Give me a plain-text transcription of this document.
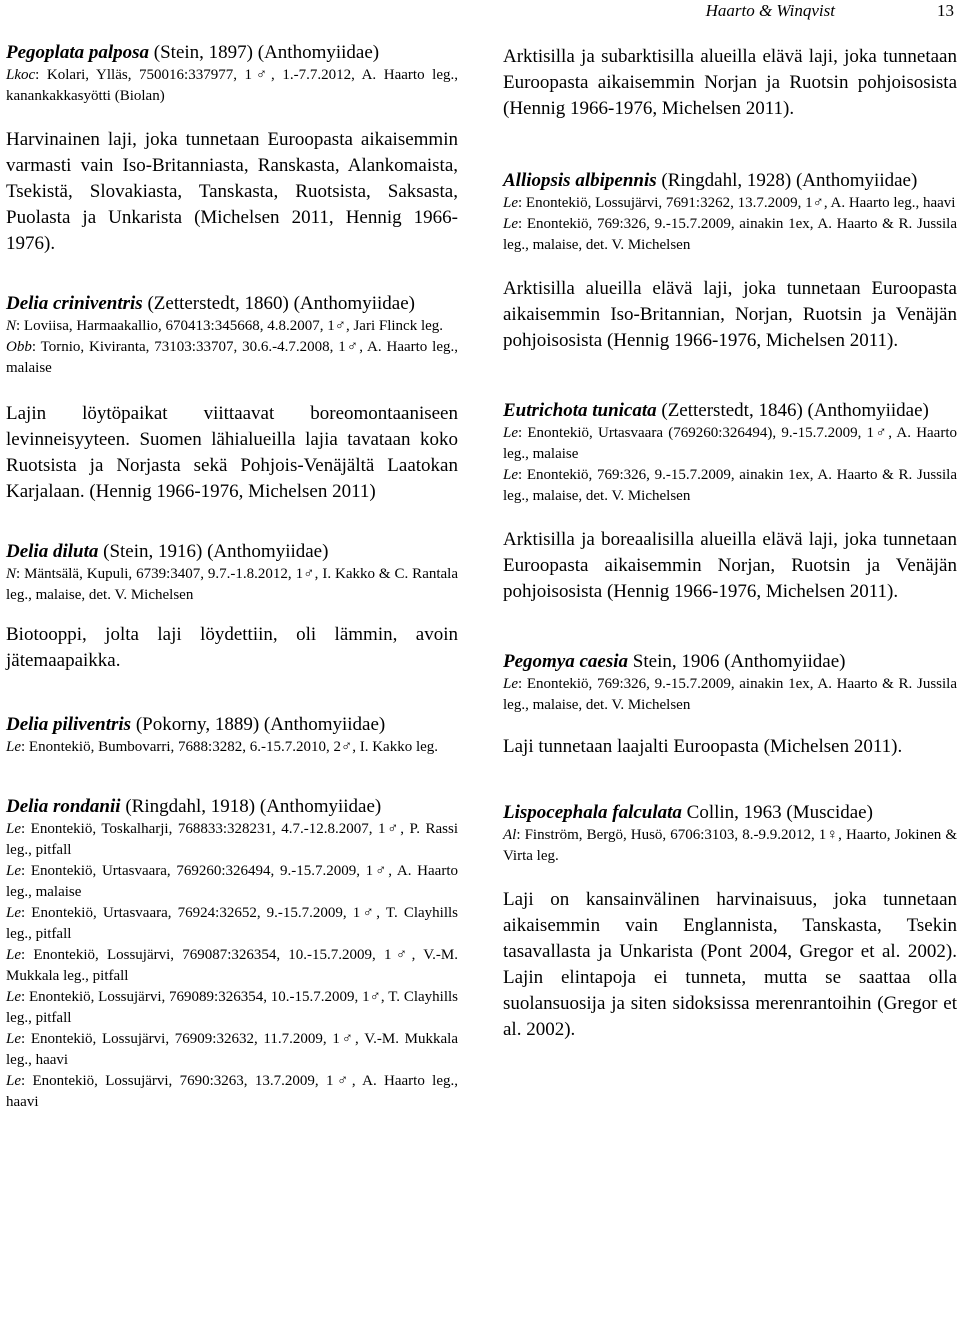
Haarto & Winqvist	13
Pegoplata palposa (Stein, 1897) (Anthomyiidae)
Lkoc: Kolari, Ylläs, 750016:337977, 1♂, 1.-7.7.2012, A. Haarto leg., kanankakkasyötti (Biolan)

Harvinainen laji, joka tunnetaan Euroopasta aikaisemmin varmasti vain Iso-Britanniasta, Ranskasta, Alankomaista, Tsekistä, Slovakiasta, Tanskasta, Ruotsista, Saksasta, Puolasta ja Unkarista (Michelsen 2011, Hennig 1966-1976).

Delia criniventris (Zetterstedt, 1860) (Anthomyiidae)
N: Loviisa, Harmaakallio, 670413:345668, 4.8.2007, 1♂, Jari Flinck leg.
Obb: Tornio, Kiviranta, 73103:33707, 30.6.-4.7.2008, 1♂, A. Haarto leg., malaise

Lajin löytöpaikat viittaavat boreomontaaniseen levinneisyyteen. Suomen lähialueilla lajia tavataan koko Ruotsista ja Norjasta sekä Pohjois-Venäjältä Laatokan Karjalaan. (Hennig 1966-1976, Michelsen 2011)

Delia diluta (Stein, 1916) (Anthomyiidae)
N: Mäntsälä, Kupuli, 6739:3407, 9.7.-1.8.2012, 1♂, I. Kakko & C. Rantala leg., malaise, det. V. Michelsen

Biotooppi, jolta laji löydettiin, oli lämmin, avoin jätemaapaikka.

Delia piliventris (Pokorny, 1889) (Anthomyiidae)
Le: Enontekiö, Bumbovarri, 7688:3282, 6.-15.7.2010, 2♂, I. Kakko leg.
Delia rondanii (Ringdahl, 1918) (Anthomyiidae)
Le: Enontekiö, Toskalharji, 768833:328231, 4.7.-12.8.2007, 1♂, P. Rassi leg., pitfall
Le: Enontekiö, Urtasvaara, 769260:326494, 9.-15.7.2009, 1♂, A. Haarto leg., malaise
Le: Enontekiö, Urtasvaara, 76924:32652, 9.-15.7.2009, 1♂, T. Clayhills leg., pitfall
Le: Enontekiö, Lossujärvi, 769087:326354, 10.-15.7.2009, 1♂, V.-M. Mukkala leg., pitfall
Le: Enontekiö, Lossujärvi, 769089:326354, 10.-15.7.2009, 1♂, T. Clayhills leg., pitfall
Le: Enontekiö, Lossujärvi, 76909:32632, 11.7.2009, 1♂, V.-M. Mukkala leg., haavi
Le: Enontekiö, Lossujärvi, 7690:3263, 13.7.2009, 1♂, A. Haarto leg., haavi

Arktisilla ja subarktisilla alueilla elävä laji, joka tunnetaan Euroopasta aikaisemmin Norjan ja Ruotsin pohjoisosista (Hennig 1966-1976, Michelsen 2011).

Alliopsis albipennis (Ringdahl, 1928) (Anthomyiidae)
Le: Enontekiö, Lossujärvi, 7691:3262, 13.7.2009, 1♂, A. Haarto leg., haavi
Le: Enontekiö, 769:326, 9.-15.7.2009, ainakin 1ex, A. Haarto & R. Jussila leg., malaise, det. V. Michelsen

Arktisilla alueilla elävä laji, joka tunnetaan Euroopasta aikaisemmin Iso-Britannian, Norjan, Ruotsin ja Venäjän pohjoisosista (Hennig 1966-1976, Michelsen 2011).

Eutrichota tunicata (Zetterstedt, 1846) (Anthomyiidae)
Le: Enontekiö, Urtasvaara (769260:326494), 9.-15.7.2009, 1♂, A. Haarto leg., malaise
Le: Enontekiö, 769:326, 9.-15.7.2009, ainakin 1ex, A. Haarto & R. Jussila leg., malaise, det. V. Michelsen

Arktisilla ja boreaalisilla alueilla elävä laji, joka tunnetaan Euroopasta aikaisemmin Norjan, Ruotsin ja Venäjän pohjoisosista (Hennig 1966-1976, Michelsen 2011).

Pegomya caesia Stein, 1906 (Anthomyiidae)
Le: Enontekiö, 769:326, 9.-15.7.2009, ainakin 1ex, A. Haarto & R. Jussila leg., malaise, det. V. Michelsen

Laji tunnetaan laajalti Euroopasta (Michelsen 2011).

Lispocephala falculata Collin, 1963 (Muscidae)
Al: Finström, Bergö, Husö, 6706:3103, 8.-9.9.2012, 1♀, Haarto, Jokinen & Virta leg.

Laji on kansainvälinen harvinaisuus, joka tunnetaan aikaisemmin vain Englannista, Tanskasta, Tsekin tasavallasta ja Unkarista (Pont 2004, Gregor et al. 2002). Lajin elintapoja ei tunneta, mutta se saattaa olla suolansuosija ja siten sidoksissa merenrantoihin (Gregor et al. 2002).
